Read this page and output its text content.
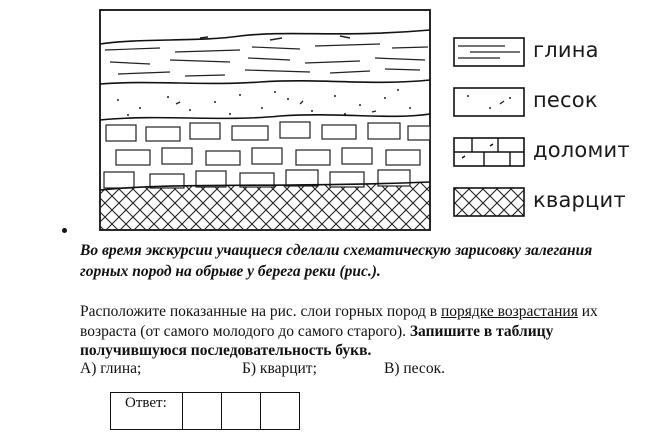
глина
песок
доломит
кварцит
Во время экскурсии учащиеся сделали схематическую зарисовку залегания горных пород на обрыве у берега реки (рис.).
Расположите показанные на рис. слои горных пород в порядке возрастания их возраста (от самого молодого до самого старого). Запишите в таблицу получившуюся последовательность букв.
А) глина;	Б) кварцит;	В) песок.
Ответ:			
